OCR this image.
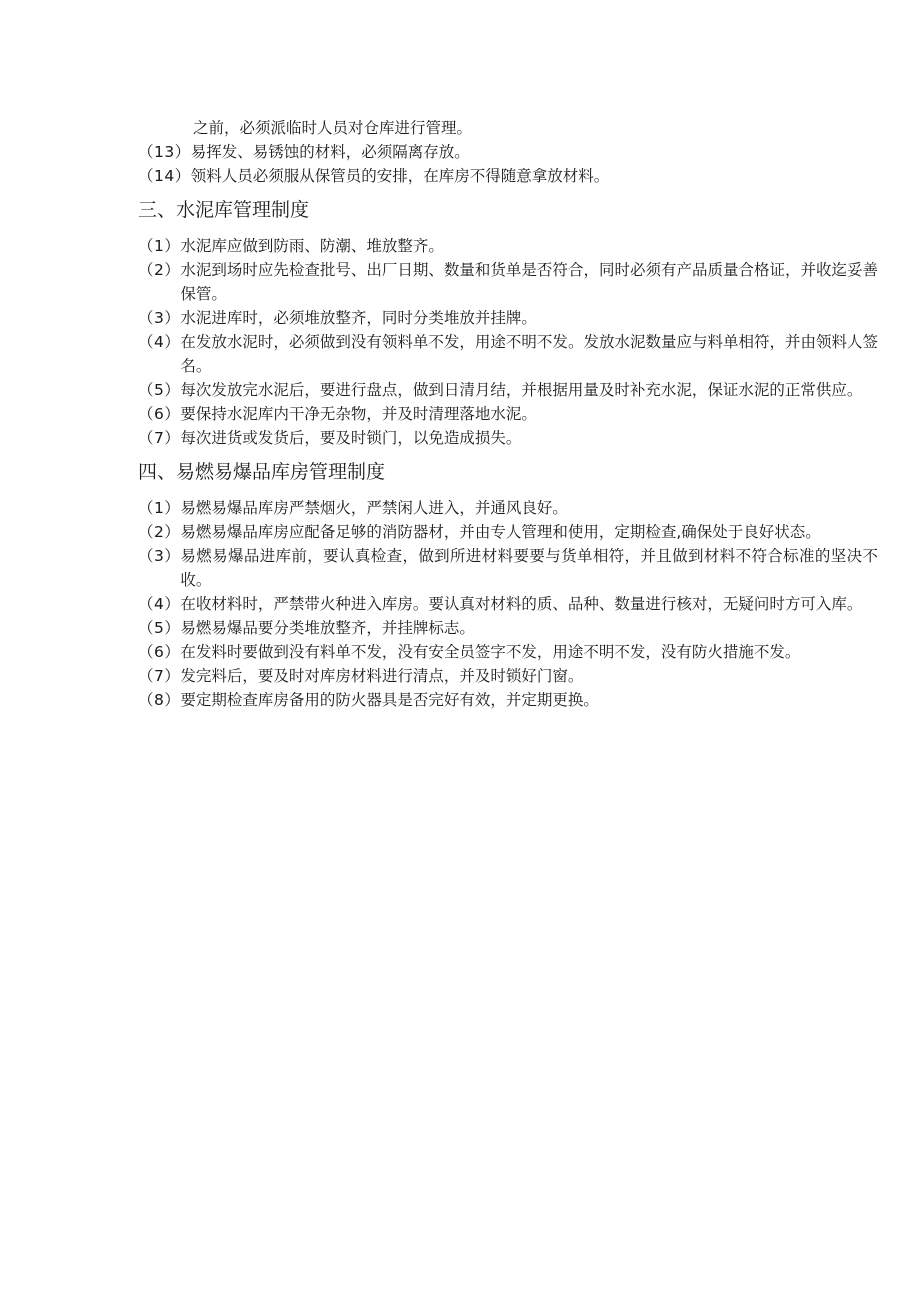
之前，必须派临时人员对仓库进行管理。
（13） 易挥发、易锈蚀的材料，必须隔离存放。
（14） 领料人员必须服从保管员的安排，在库房不得随意拿放材料。
三、水泥库管理制度
（1） 水泥库应做到防雨、防潮、堆放整齐。
（2） 水泥到场时应先检查批号、出厂日期、数量和货单是否符合，同时必须有产品质量合格证，并收迄妥善保管。
（3） 水泥进库时，必须堆放整齐，同时分类堆放并挂牌。
（4） 在发放水泥时，必须做到没有领料单不发，用途不明不发。发放水泥数量应与料单相符，并由领料人签名。
（5） 每次发放完水泥后，要进行盘点，做到日清月结，并根据用量及时补充水泥，保证水泥的正常供应。
（6） 要保持水泥库内干净无杂物，并及时清理落地水泥。
（7） 每次进货或发货后，要及时锁门，以免造成损失。
四、易燃易爆品库房管理制度
（1） 易燃易爆品库房严禁烟火，严禁闲人进入，并通风良好。
（2） 易燃易爆品库房应配备足够的消防器材，并由专人管理和使用，定期检查,确保处于良好状态。
（3） 易燃易爆品进库前，要认真检查，做到所进材料要要与货单相符，并且做到材料不符合标准的坚决不收。
（4） 在收材料时，严禁带火种进入库房。要认真对材料的质、品种、数量进行核对，无疑问时方可入库。
（5） 易燃易爆品要分类堆放整齐，并挂牌标志。
（6） 在发料时要做到没有料单不发，没有安全员签字不发，用途不明不发，没有防火措施不发。
（7） 发完料后，要及时对库房材料进行清点，并及时锁好门窗。
（8） 要定期检查库房备用的防火器具是否完好有效，并定期更换。
